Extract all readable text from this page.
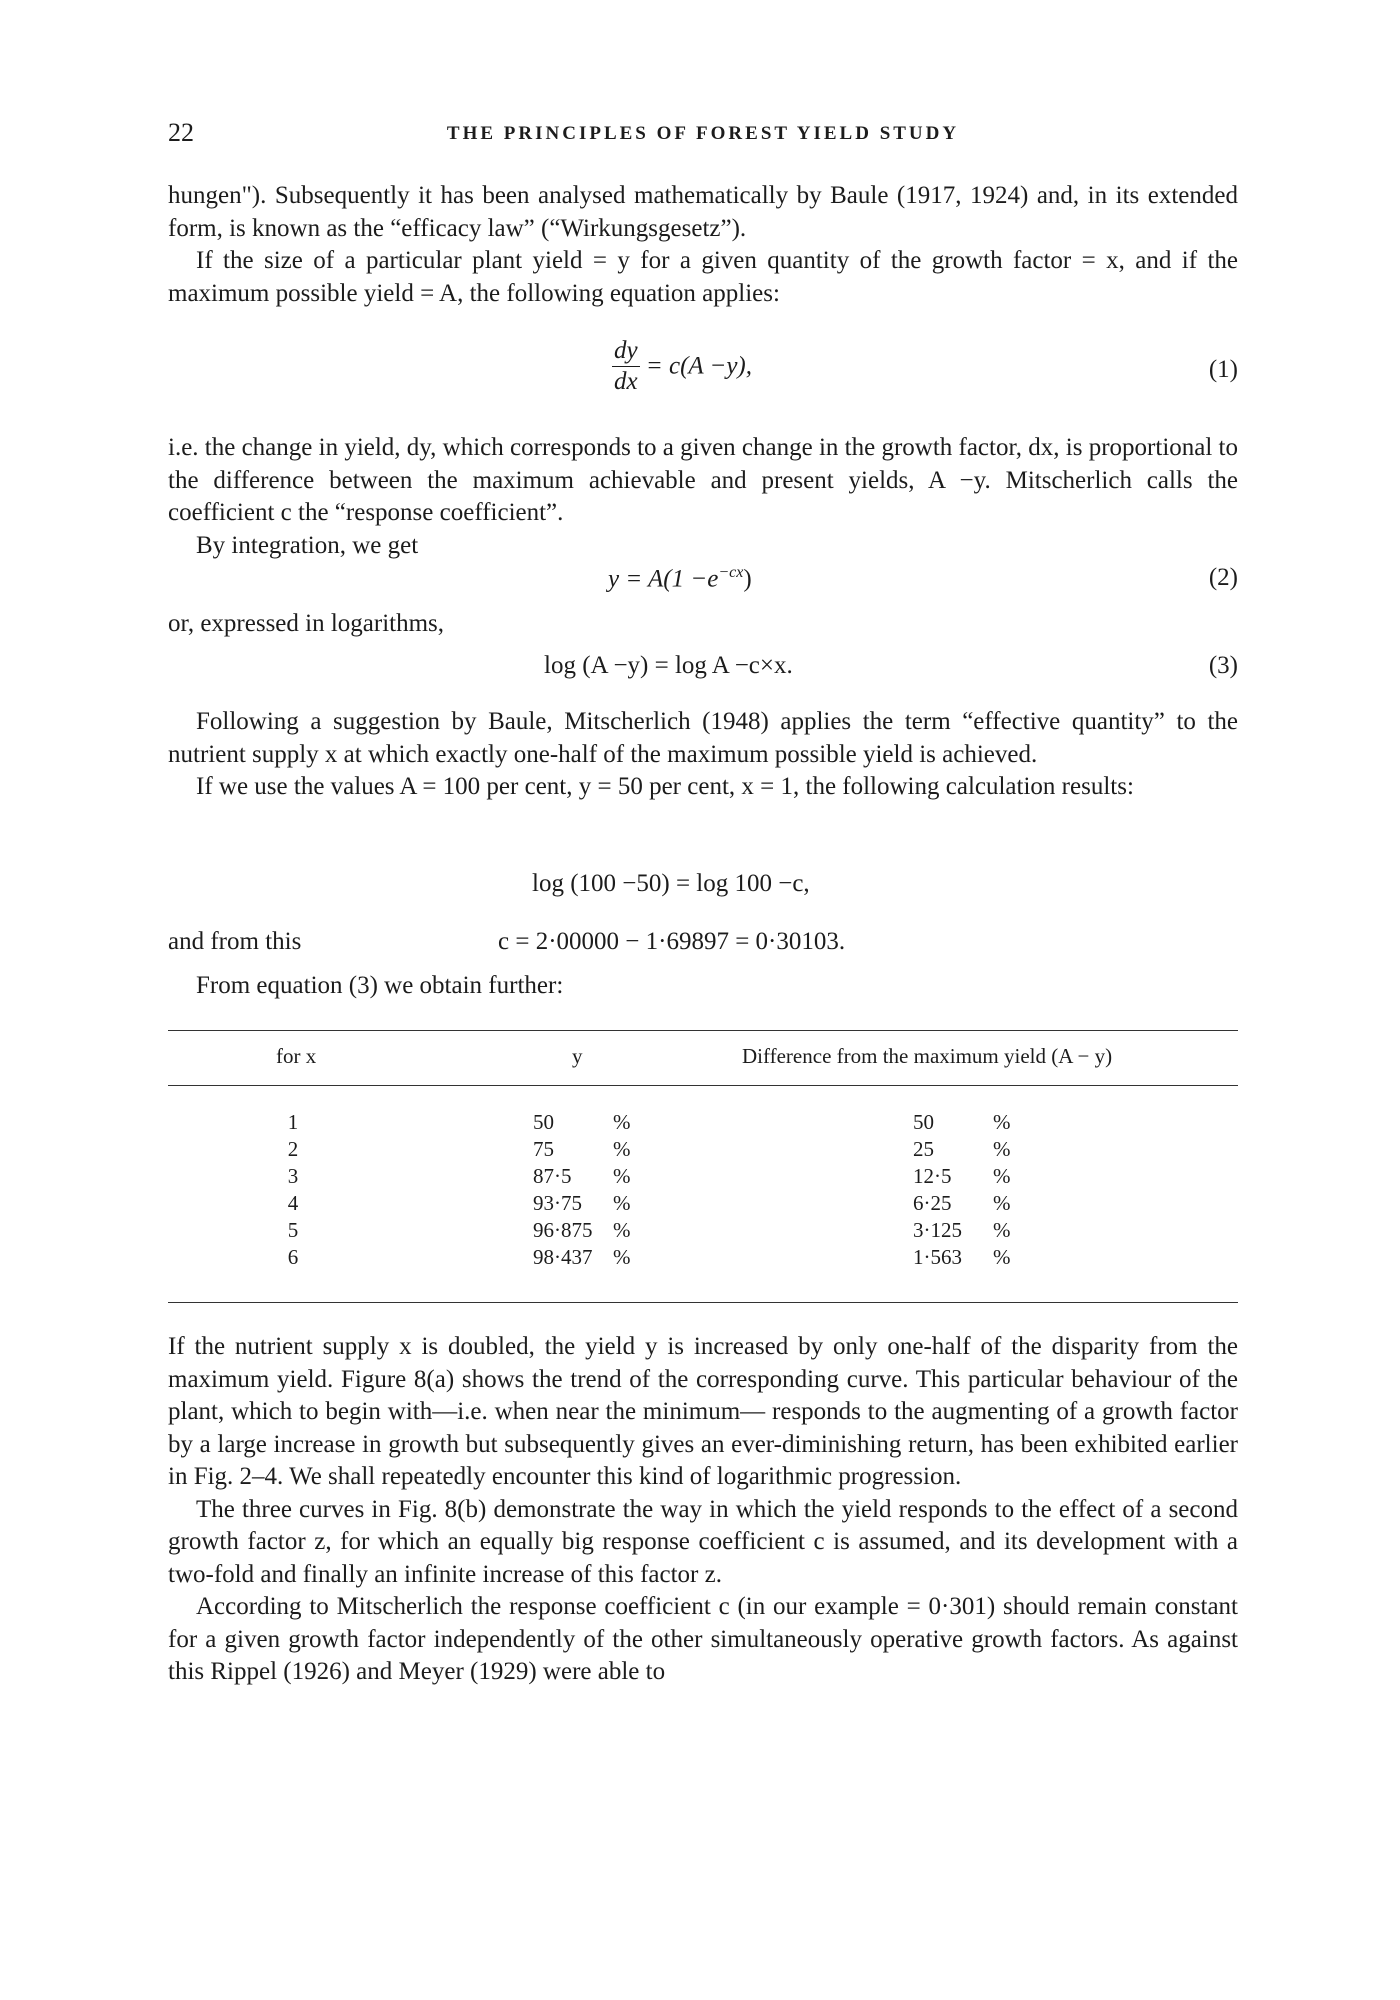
22	THE PRINCIPLES OF FOREST YIELD STUDY

hungen"). Subsequently it has been analysed mathematically by Baule (1917, 1924) and, in its extended form, is known as the “efficacy law” (“Wirkungsgesetz”).

If the size of a particular plant yield = y for a given quantity of the growth factor = x, and if the maximum possible yield = A, the following equation applies:

$\frac{dy}{dx} = c(A -y)$,	(1)

i.e. the change in yield, dy, which corresponds to a given change in the growth factor, dx, is proportional to the difference between the maximum achievable and present yields, A −y. Mitscherlich calls the coefficient c the “response coefficient”.

By integration, we get

$y = A(1 -e^{-cx})$	(2)

or, expressed in logarithms,

log (A −y) = log A −c×x.	(3)

Following a suggestion by Baule, Mitscherlich (1948) applies the term “effective quantity” to the nutrient supply x at which exactly one-half of the maximum possible yield is achieved.

If we use the values A = 100 per cent, y = 50 per cent, x = 1, the following calculation results:

log (100 −50) = log 100 −c,
and from this	c = 2·00000 − 1·69897 = 0·30103.

From equation (3) we obtain further:

for x	y	Difference from the maximum yield (A − y)
1	50	%	50	%
2	75	%	25	%
3	87·5 %	12·5 %
4	93·75 %	6·25 %
5	96·875 %	3·125 %
6	98·437 %	1·563 %

If the nutrient supply x is doubled, the yield y is increased by only one-half of the disparity from the maximum yield. Figure 8(a) shows the trend of the corresponding curve. This particular behaviour of the plant, which to begin with—i.e. when near the minimum— responds to the augmenting of a growth factor by a large increase in growth but subsequently gives an ever-diminishing return, has been exhibited earlier in Fig. 2–4. We shall repeatedly encounter this kind of logarithmic progression.

The three curves in Fig. 8(b) demonstrate the way in which the yield responds to the effect of a second growth factor z, for which an equally big response coefficient c is assumed, and its development with a two-fold and finally an infinite increase of this factor z.

According to Mitscherlich the response coefficient c (in our example = 0·301) should remain constant for a given growth factor independently of the other simultaneously operative growth factors. As against this Rippel (1926) and Meyer (1929) were able to
